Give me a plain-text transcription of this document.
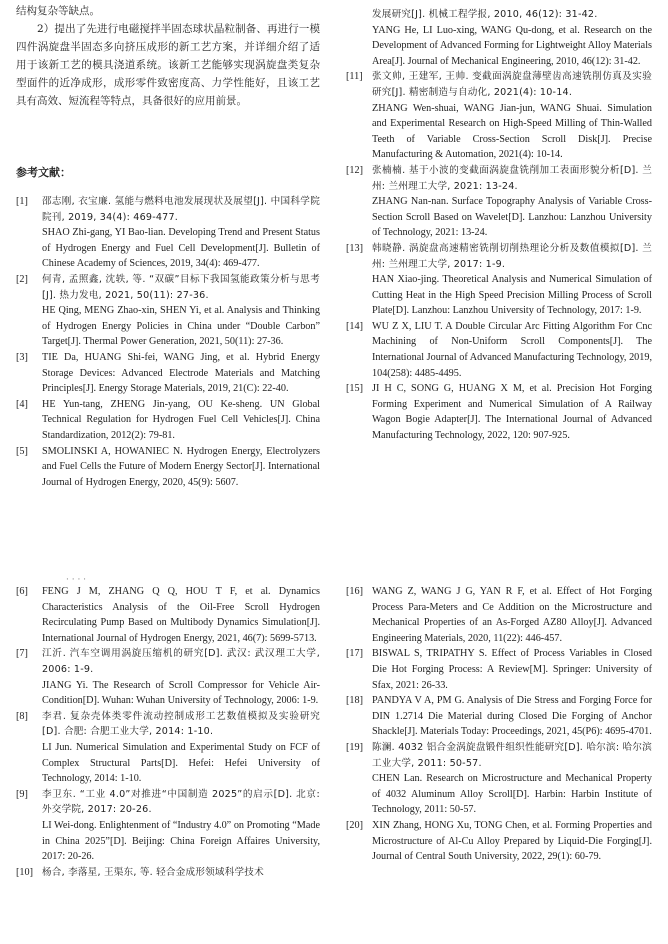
结构复杂等缺点。
2）提出了先进行电磁搅拌半固态球状晶粒制备、再进行一模四件涡旋盘半固态多向挤压成形的新工艺方案，并详细介绍了适用于该新工艺的模具浇道系统。该新工艺能够实现涡旋盘类复杂型面件的近净成形，成形零件致密度高、力学性能好，且该工艺具有高效、短流程等特点，具备很好的应用前景。
参考文献：
[1]	邵志刚, 衣宝廉. 氢能与燃料电池发展现状及展望[J]. 中国科学院院刊, 2019, 34(4): 469-477.
SHAO Zhi-gang, YI Bao-lian. Developing Trend and Present Status of Hydrogen Energy and Fuel Cell Development[J]. Bulletin of Chinese Academy of Sciences, 2019, 34(4): 469-477.
[2]	何青, 孟照鑫, 沈轶, 等. “双碳”目标下我国氢能政策分析与思考[J]. 热力发电, 2021, 50(11): 27-36.
HE Qing, MENG Zhao-xin, SHEN Yi, et al. Analysis and Thinking of Hydrogen Energy Policies in China under “Double Carbon” Target[J]. Thermal Power Generation, 2021, 50(11): 27-36.
[3]	TIE Da, HUANG Shi-fei, WANG Jing, et al. Hybrid Energy Storage Devices: Advanced Electrode Materials and Matching Principles[J]. Energy Storage Materials, 2019, 21(C): 22-40.
[4]	HE Yun-tang, ZHENG Jin-yang, OU Ke-sheng. UN Global Technical Regulation for Hydrogen Fuel Cell Vehicles[J]. China Standardization, 2012(2): 79-81.
[5]	SMOLINSKI A, HOWANIEC N. Hydrogen Energy, Electrolyzers and Fuel Cells the Future of Modern Energy Sector[J]. International Journal of Hydrogen Energy, 2020, 45(9): 5607.
· · · ·
[6]	FENG J M, ZHANG Q Q, HOU T F, et al. Dynamics Characteristics Analysis of the Oil-Free Scroll Hydrogen Recirculating Pump Based on Multibody Dynamics Simulation[J]. International Journal of Hydrogen Energy, 2021, 46(7): 5699-5713.
[7]	江沂. 汽车空调用涡旋压缩机的研究[D]. 武汉: 武汉理工大学, 2006: 1-9.
JIANG Yi. The Research of Scroll Compressor for Vehicle Air-Condition[D]. Wuhan: Wuhan University of Technology, 2006: 1-9.
[8]	李君. 复杂壳体类零件流动控制成形工艺数值模拟及实验研究[D]. 合肥: 合肥工业大学, 2014: 1-10.
LI Jun. Numerical Simulation and Experimental Study on FCF of Complex Structural Parts[D]. Hefei: Hefei University of Technology, 2014: 1-10.
[9]	李卫东. “工业 4.0”对推进“中国制造 2025”的启示[D]. 北京: 外交学院, 2017: 20-26.
LI Wei-dong. Enlightenment of “Industry 4.0” on Promoting “Made in China 2025”[D]. Beijing: China Foreign Affaires University, 2017: 20-26.
[10] 杨合, 李落星, 王渠东, 等. 轻合金成形领域科学技术
发展研究[J]. 机械工程学报, 2010, 46(12): 31-42.
YANG He, LI Luo-xing, WANG Qu-dong, et al. Research on the Development of Advanced Forming for Lightweight Alloy Materials Area[J]. Journal of Mechanical Engineering, 2010, 46(12): 31-42.
[11] 张文帅, 王建军, 王帅. 变截面涡旋盘薄壁齿高速铣削仿真及实验研究[J]. 精密制造与自动化, 2021(4): 10-14.
ZHANG Wen-shuai, WANG Jian-jun, WANG Shuai. Simulation and Experimental Research on High-Speed Milling of Thin-Walled Teeth of Variable Cross-Section Scroll Disk[J]. Precise Manufacturing & Automation, 2021(4): 10-14.
[12] 张楠楠. 基于小波的变截面涡旋盘铣削加工表面形貌分析[D]. 兰州: 兰州理工大学, 2021: 13-24.
ZHANG Nan-nan. Surface Topography Analysis of Variable Cross-Section Scroll Based on Wavelet[D]. Lanzhou: Lanzhou University of Technology, 2021: 13-24.
[13] 韩晓静. 涡旋盘高速精密铣削切削热理论分析及数值模拟[D]. 兰州: 兰州理工大学, 2017: 1-9.
HAN Xiao-jing. Theoretical Analysis and Numerical Simulation of Cutting Heat in the High Speed Precision Milling Process of Scroll Plate[D]. Lanzhou: Lanzhou University of Technology, 2017: 1-9.
[14] WU Z X, LIU T. A Double Circular Arc Fitting Algorithm For Cnc Machining of Non-Uniform Scroll Components[J]. The International Journal of Advanced Manufacturing Technology, 2019, 104(258): 4485-4495.
[15] JI H C, SONG G, HUANG X M, et al. Precision Hot Forging Forming Experiment and Numerical Simulation of A Railway Wagon Bogie Adapter[J]. The International Journal of Advanced Manufacturing Technology, 2022, 120: 907-925.
[16] WANG Z, WANG J G, YAN R F, et al. Effect of Hot Forging Process Para-Meters and Ce Addition on the Microstructure and Mechanical Properties of an As-Forged AZ80 Alloy[J]. Advanced Engineering Materials, 2020, 11(22): 446-457.
[17] BISWAL S, TRIPATHY S. Effect of Process Variables in Closed Die Hot Forging Process: A Review[M]. Springer: University of Sfax, 2021: 26-33.
[18] PANDYA V A, PM G. Analysis of Die Stress and Forging Force for DIN 1.2714 Die Material during Closed Die Forging of Anchor Shackle[J]. Materials Today: Proceedings, 2021, 45(P6): 4695-4701.
[19] 陈澜. 4032 铝合金涡旋盘锻件组织性能研究[D]. 哈尔滨: 哈尔滨工业大学, 2011: 50-57.
CHEN Lan. Research on Microstructure and Mechanical Property of 4032 Aluminum Alloy Scroll[D]. Harbin: Harbin Institute of Technology, 2011: 50-57.
[20] XIN Zhang, HONG Xu, TONG Chen, et al. Forming Properties and Microstructure of Al-Cu Alloy Prepared by Liquid-Die Forging[J]. Journal of Central South University, 2022, 29(1): 60-79.
